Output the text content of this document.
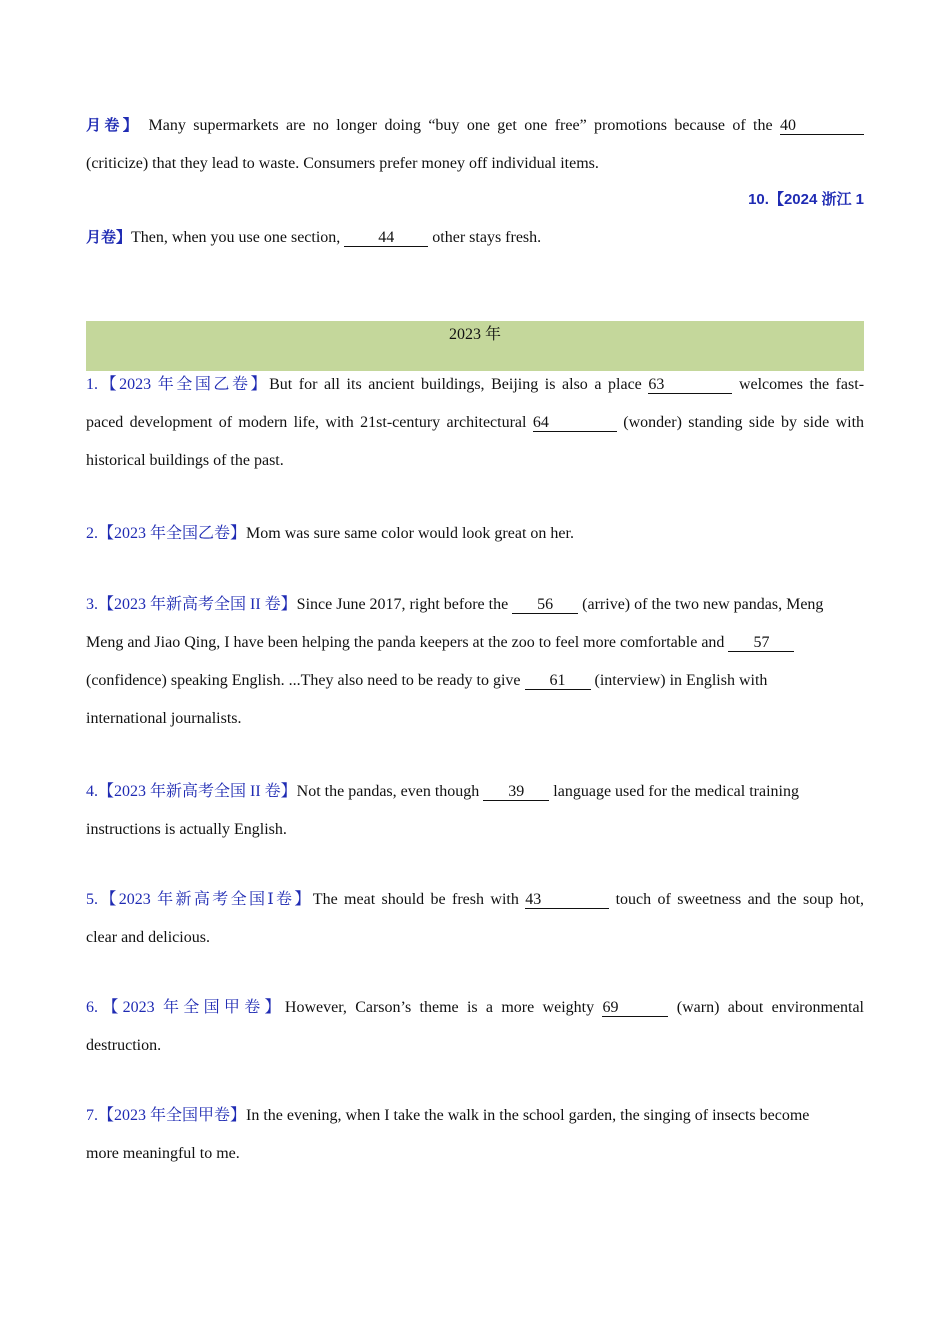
月卷】 Many supermarkets are no longer doing “buy one get one free” promotions because of the 40
(criticize) that they lead to waste. Consumers prefer money off individual items.
10.【2024 浙江 1
月卷】Then, when you use one section, 44 other stays fresh.
2023 年
1.【2023 年全国乙卷】But for all its ancient buildings, Beijing is also a place 63	welcomes the fast-
paced development of modern life, with 21st-century architectural 64	(wonder) standing side by side with
historical buildings of the past.
2.【2023 年全国乙卷】Mom was sure same color would look great on her.
3.【2023 年新高考全国 II 卷】Since June 2017, right before the 56 (arrive) of the two new pandas, Meng
Meng and Jiao Qing, I have been helping the panda keepers at the zoo to feel more comfortable and 57
(confidence) speaking English. ...They also need to be ready to give 61 (interview) in English with
international journalists.
4.【2023 年新高考全国 II 卷】Not the pandas, even though 39 language used for the medical training
instructions is actually English.
5.【2023 年新高考全国Ⅰ卷】The meat should be fresh with 43	touch of sweetness and the soup hot,
clear and delicious.
6.【2023 年全国甲卷】However, Carson’s theme is a more weighty 69	(warn) about environmental
destruction.
7.【2023 年全国甲卷】In the evening, when I take the walk in the school garden, the singing of insects become
more meaningful to me.
